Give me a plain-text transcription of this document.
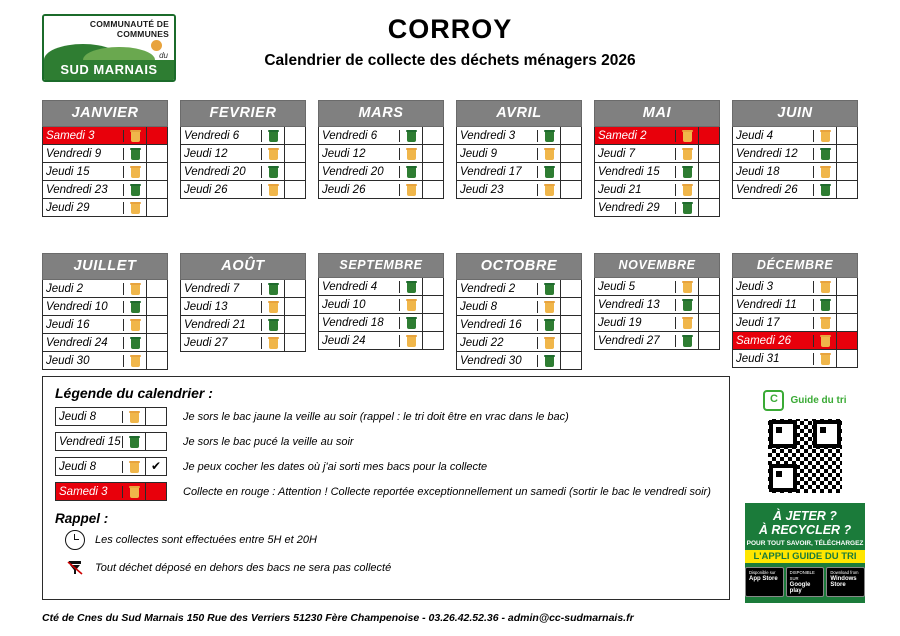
COMMUNAUTÉ DE
COMMUNES
du
SUD MARNAIS
CORROY
Calendrier de collecte des déchets ménagers 2026
JANVIER
Samedi 3
Vendredi 9
Jeudi 15
Vendredi 23
Jeudi 29
FEVRIER
Vendredi 6
Jeudi 12
Vendredi 20
Jeudi 26
MARS
Vendredi 6
Jeudi 12
Vendredi 20
Jeudi 26
AVRIL
Vendredi 3
Jeudi 9
Vendredi 17
Jeudi 23
MAI
Samedi 2
Jeudi 7
Vendredi 15
Jeudi 21
Vendredi 29
JUIN
Jeudi 4
Vendredi 12
Jeudi 18
Vendredi 26
JUILLET
Jeudi 2
Vendredi 10
Jeudi 16
Vendredi 24
Jeudi 30
AOÛT
Vendredi 7
Jeudi 13
Vendredi 21
Jeudi 27
SEPTEMBRE
Vendredi 4
Jeudi 10
Vendredi 18
Jeudi 24
OCTOBRE
Vendredi 2
Jeudi 8
Vendredi 16
Jeudi 22
Vendredi 30
NOVEMBRE
Jeudi 5
Vendredi 13
Jeudi 19
Vendredi 27
DÉCEMBRE
Jeudi 3
Vendredi 11
Jeudi 17
Samedi 26
Jeudi 31
Légende du calendrier :
Jeudi 8	Je sors le bac jaune la veille au soir (rappel : le tri doit être en vrac dans le bac)
Vendredi 15	Je sors le bac pucé la veille au soir
Jeudi 8	✔	Je peux cocher les dates où j'ai sorti mes bacs pour la collecte
Samedi 3	Collecte en rouge : Attention ! Collecte reportée exceptionnellement un samedi (sortir le bac le vendredi soir)
Rappel :
Les collectes sont effectuées entre 5H et 20H
Tout déchet déposé en dehors des bacs ne sera pas collecté
C	Guide du tri
À JETER ?
À RECYCLER ?
POUR TOUT SAVOIR, TÉLÉCHARGEZ
L'APPLI GUIDE DU TRI
Disponible sur
App Store
DISPONIBLE SUR
Google play
Download from
Windows Store
Cté de Cnes du Sud Marnais 150 Rue des Verriers 51230 Fère Champenoise - 03.26.42.52.36 - admin@cc-sudmarnais.fr
